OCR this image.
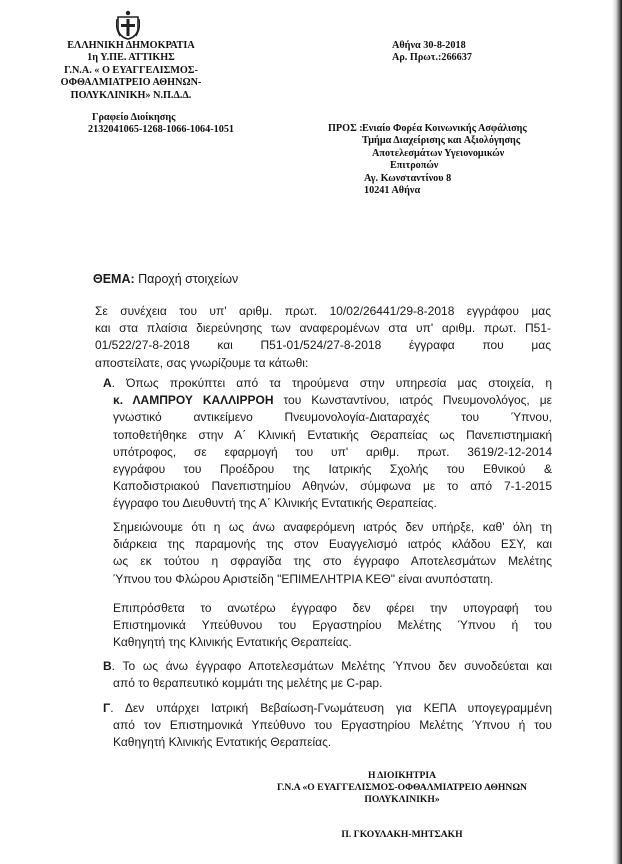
ΕΛΛΗΝΙΚΗ ΔΗΜΟΚΡΑΤΙΑ
1η Υ.ΠΕ. ΑΤΤΙΚΗΣ
Γ.Ν.Α. « Ο ΕΥΑΓΓΕΛΙΣΜΟΣ-
ΟΦΘΑΛΜΙΑΤΡΕΙΟ ΑΘΗΝΩΝ-
ΠΟΛΥΚΛΙΝΙΚΗ» Ν.Π.Δ.Δ.
Γραφείο Διοίκησης
2132041065-1268-1066-1064-1051
Αθήνα 30-8-2018
Αρ. Πρωτ.:266637
ΠΡΟΣ : Ενιαίο Φορέα Κοινωνικής Ασφάλισης
Τμήμα Διαχείρισης και Αξιολόγησης
Αποτελεσμάτων Υγειονομικών
Επιτροπών
Αγ. Κωνσταντίνου 8
10241 Αθήνα
ΘΕΜΑ: Παροχή στοιχείων
Σε συνέχεια του υπ' αριθμ. πρωτ. 10/02/26441/29-8-2018 εγγράφου μας
και στα πλαίσια διερεύνησης των αναφερομένων στα υπ' αριθμ. πρωτ. Π51-
01/522/27-8-2018 και Π51-01/524/27-8-2018 έγγραφα που μας
αποστείλατε, σας γνωρίζουμε τα κάτωθι:
Α. Όπως προκύπτει από τα τηρούμενα στην υπηρεσία μας στοιχεία, η
κ. ΛΑΜΠΡΟΥ ΚΑΛΛΙΡΡΟΗ του Κωνσταντίνου, ιατρός Πνευμονολόγος, με
γνωστικό αντικείμενο Πνευμονολογία-Διαταραχές του Ύπνου,
τοποθετήθηκε στην Α΄ Κλινική Εντατικής Θεραπείας ως Πανεπιστημιακή
υπότροφος, σε εφαρμογή του υπ' αριθμ. πρωτ. 3619/2-12-2014
εγγράφου του Προέδρου της Ιατρικής Σχολής του Εθνικού &
Καποδιστριακού Πανεπιστημίου Αθηνών, σύμφωνα με το από 7-1-2015
έγγραφο του Διευθυντή της Α΄ Κλινικής Εντατικής Θεραπείας.
Σημειώνουμε ότι η ως άνω αναφερόμενη ιατρός δεν υπήρξε, καθ' όλη τη
διάρκεια της παραμονής της στον Ευαγγελισμό ιατρός κλάδου ΕΣΥ, και
ως εκ τούτου η σφραγίδα της στο έγγραφο Αποτελεσμάτων Μελέτης
Ύπνου του Φλώρου Αριστείδη "ΕΠΙΜΕΛΗΤΡΙΑ ΚΕΘ" είναι ανυπόστατη.
Επιπρόσθετα το ανωτέρω έγγραφο δεν φέρει την υπογραφή του
Επιστημονικά Υπεύθυνου του Εργαστηρίου Μελέτης Ύπνου ή του
Καθηγητή της Κλινικής Εντατικής Θεραπείας.
Β. Το ως άνω έγγραφο Αποτελεσμάτων Μελέτης Ύπνου δεν συνοδεύεται και
από το θεραπευτικό κομμάτι της μελέτης με C-pap.
Γ. Δεν υπάρχει Ιατρική Βεβαίωση-Γνωμάτευση για ΚΕΠΑ υπογεγραμμένη
από τον Επιστημονικά Υπεύθυνο του Εργαστηρίου Μελέτης Ύπνου ή του
Καθηγητή Κλινικής Εντατικής Θεραπείας.
Η ΔΙΟΙΚΗΤΡΙΑ
Γ.Ν.Α «Ο ΕΥΑΓΓΕΛΙΣΜΟΣ-ΟΦΘΑΛΜΙΑΤΡΕΙΟ ΑΘΗΝΩΝ
ΠΟΛΥΚΛΙΝΙΚΗ»
Π. ΓΚΟΥΛΑΚΗ-ΜΗΤΣΑΚΗ
